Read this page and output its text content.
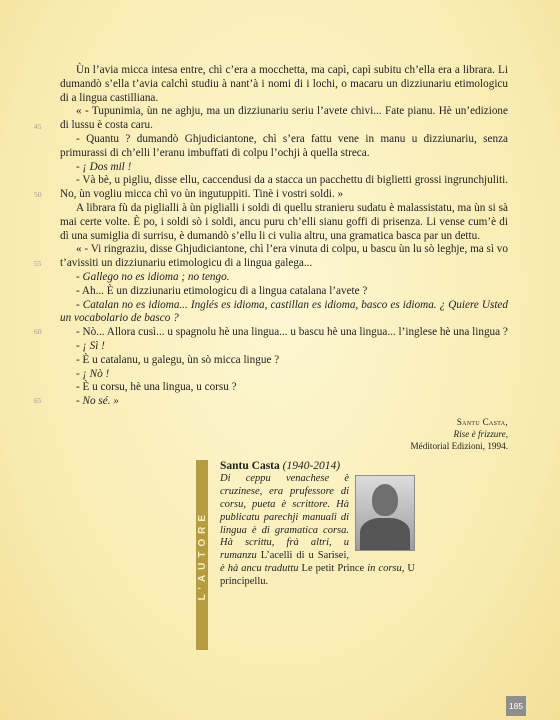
45
50
55
60
65

Ùn l’avia micca intesa entre, chì c’era a mocchetta, ma capì, capì subitu ch’ella era a librara. Li dumandò s’ella t’avia calchì studiu à nant’à i nomi di i lochi, o macaru un dizziunariu etimologicu di a lingua castilliana.

« - Tupunimia, ùn ne aghju, ma un dizziunariu seriu l’avete chivi... Fate pianu. Hè un’edizione di lussu è costa caru.

- Quantu ? dumandò Ghjudiciantone, chì s’era fattu vene in manu u dizziunariu, senza primurassi di ch’elli l’eranu imbuffati di colpu l’ochji à quella streca.

- ¡ Dos mil !

- Và bè, u pigliu, disse ellu, caccendusi da a stacca un pacchettu di biglietti grossi ingrunchjuliti. No, ùn vogliu micca chì vo ùn ingutuppiti. Tinè i vostri soldi. »

A librara fù da piglialli à ùn piglialli i soldi di quellu stranieru sudatu è malassistatu, ma ùn si sà mai certe volte. È po, i soldi sò i soldi, ancu puru ch’elli sianu goffi di prisenza. Li vense cum’è di dì una sumiglia di surrisu, è dumandò s’ellu li ci vulia altru, una gramatica basca par un dettu.

« - Vi ringraziu, disse Ghjudiciantone, chì l’era vinuta di colpu, u bascu ùn lu sò leghje, ma sì vo t’avissiti un dizziunariu etimologicu di a lingua galega...

- Gallego no es idioma ; no tengo.

- Ah... È un dizziunariu etimologicu di a lingua catalana l’avete ?

- Catalan no es idioma... Inglés es idioma, castillan es idioma, basco es idioma. ¿ Quiere Usted un vocabolario de basco ?

- Nò... Allora cusì... u spagnolu hè una lingua... u bascu hè una lingua... l’inglese hè una lingua ?

- ¡ Sì !

- È u catalanu, u galegu, ùn sò micca lingue ?

- ¡ Nò !

- È u corsu, hè una lingua, u corsu ?

- No sé. »

Santu Casta,
Rise è frizzure,
Méditorial Edizioni, 1994.
L’AUTORE
Santu Casta (1940-2014)
Di ceppu venachese è cruzinese, era prufessore di corsu, pueta è scrittore. Hà publicatu parechji manuali di lingua è di gramatica corsa. Hà scrittu, frà altri, u rumanzu L’acelli di u Sarisei, è hà ancu traduttu Le petit Prince in corsu, U principellu.
185
